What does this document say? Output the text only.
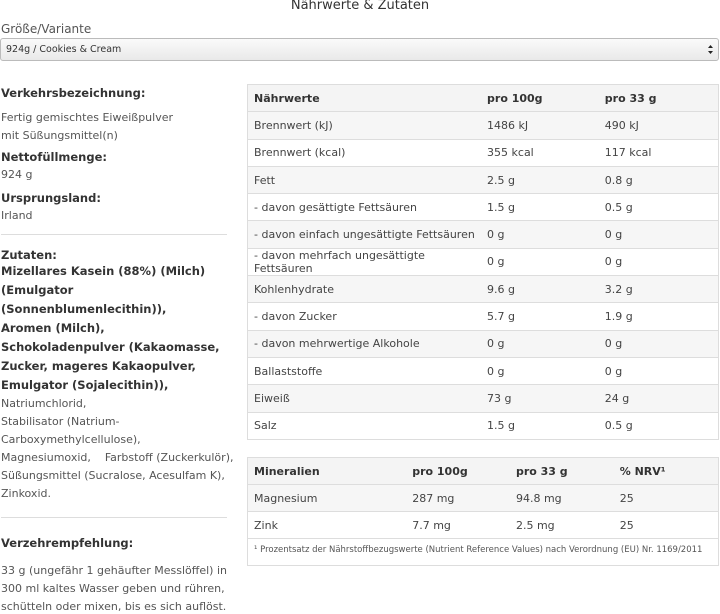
Nährwerte & Zutaten
Größe/Variante
924g / Cookies & Cream
Verkehrsbezeichnung:
Fertig gemischtes Eiweißpulver
mit Süßungsmittel(n)
Nettofüllmenge:
924 g
Ursprungsland:
Irland
Zutaten:
Mizellares Kasein (88%) (Milch)
(Emulgator (Sonnenblumenlecithin)),
Aromen (Milch),
Schokoladenpulver (Kakaomasse,
Zucker, mageres Kakaopulver,
Emulgator (Sojalecithin)),
Natriumchlorid,
Stabilisator (Natrium-
Carboxymethylcellulose),
Magnesiumoxid,    Farbstoff (Zuckerkulör),
Süßungsmittel (Sucralose, Acesulfam K),
Zinkoxid.
Verzehrempfehlung:
33 g (ungefähr 1 gehäufter Messlöffel) in
300 ml kaltes Wasser geben und rühren,
schütteln oder mixen, bis es sich auflöst.
Nährwerte	pro 100g	pro 33 g
Brennwert (kJ)	1486 kJ	490 kJ
Brennwert (kcal)	355 kcal	117 kcal
Fett	2.5 g	0.8 g
- davon gesättigte Fettsäuren	1.5 g	0.5 g
- davon einfach ungesättigte Fettsäuren	0 g	0 g
- davon mehrfach ungesättigte Fettsäuren	0 g	0 g
Kohlenhydrate	9.6 g	3.2 g
- davon Zucker	5.7 g	1.9 g
- davon mehrwertige Alkohole	0 g	0 g
Ballaststoffe	0 g	0 g
Eiweiß	73 g	24 g
Salz	1.5 g	0.5 g
Mineralien	pro 100g	pro 33 g	% NRV¹
Magnesium	287 mg	94.8 mg	25
Zink	7.7 mg	2.5 mg	25
¹ Prozentsatz der Nährstoffbezugswerte (Nutrient Reference Values) nach Verordnung (EU) Nr. 1169/2011
